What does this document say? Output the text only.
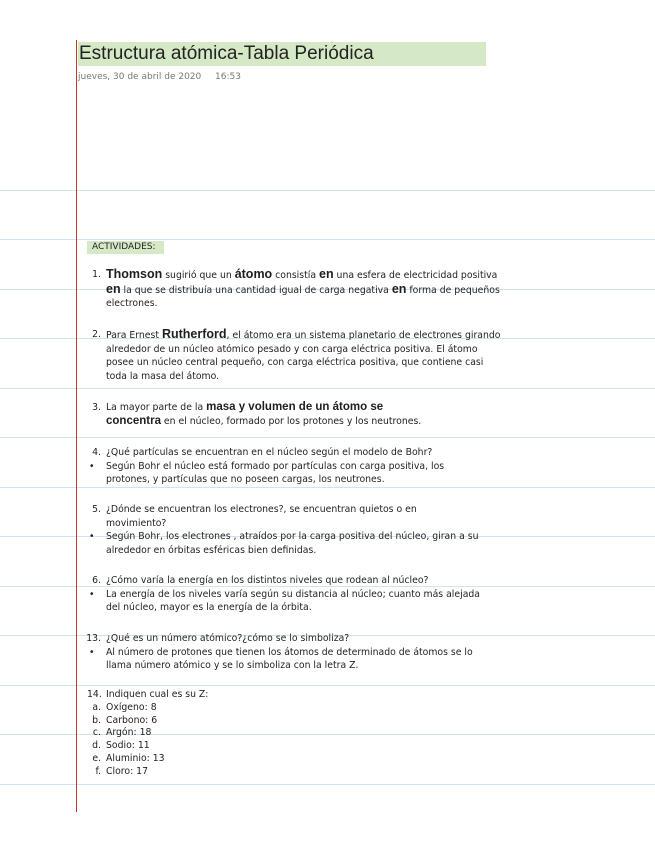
Estructura atómica-Tabla Periódica
jueves, 30 de abril de 2020 16:53
ACTIVIDADES:
1. Thomson sugirió que un átomo consistía en una esfera de electricidad positiva en la que se distribuía una cantidad igual de carga negativa en forma de pequeños electrones.

2. Para Ernest Rutherford, el átomo era un sistema planetario de electrones girando alrededor de un núcleo atómico pesado y con carga eléctrica positiva. El átomo posee un núcleo central pequeño, con carga eléctrica positiva, que contiene casi toda la masa del átomo.

3. La mayor parte de la masa y volumen de un átomo se concentra en el núcleo, formado por los protones y los neutrones.

4. ¿Qué partículas se encuentran en el núcleo según el modelo de Bohr?

• Según Bohr el núcleo está formado por partículas con carga positiva, los protones, y partículas que no poseen cargas, los neutrones.

5. ¿Dónde se encuentran los electrones?, se encuentran quietos o en movimiento?

• Según Bohr, los electrones , atraídos por la carga positiva del núcleo, giran a su alrededor en órbitas esféricas bien definidas.

6. ¿Cómo varía la energía en los distintos niveles que rodean al núcleo?

• La energía de los niveles varía según su distancia al núcleo; cuanto más alejada del núcleo, mayor es la energía de la órbita.

13. ¿Qué es un número atómico?¿cómo se lo simboliza?

• Al número de protones que tienen los átomos de determinado de átomos se lo llama número atómico y se lo simboliza con la letra Z.

14. Indiquen cual es su Z:
a. Oxígeno: 8
b. Carbono: 6
c. Argón: 18
d. Sodio: 11
e. Aluminio: 13
f. Cloro: 17
